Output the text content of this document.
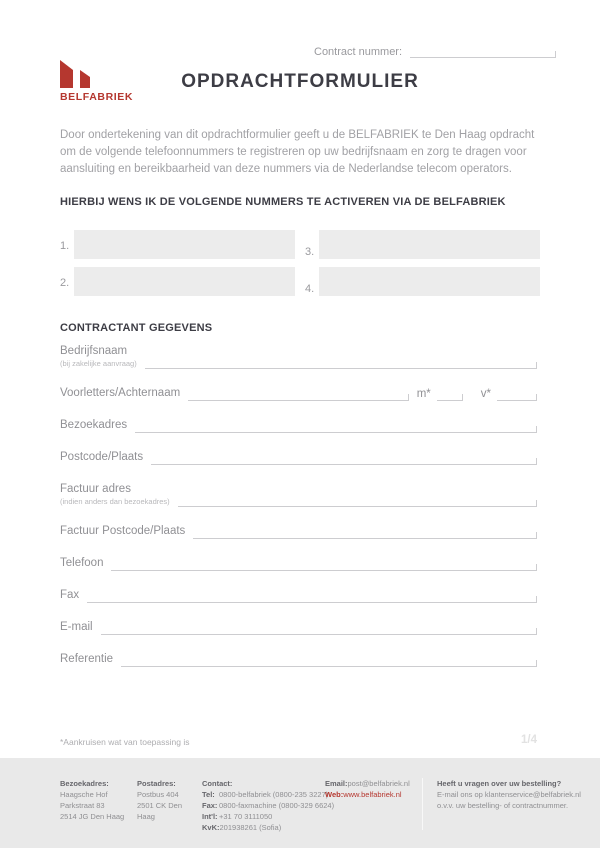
Contract nummer:
BELFABRIEK
OPDRACHTFORMULIER

Door ondertekening van dit opdrachtformulier geeft u de BELFABRIEK te Den Haag opdracht om de volgende telefoonnummers te registreren op uw bedrijfsnaam en zorg te dragen voor aansluiting en bereikbaarheid van deze nummers via de Nederlandse telecom operators.

HIERBIJ WENS IK DE VOLGENDE NUMMERS TE ACTIVEREN VIA DE BELFABRIEK
1.	3.
2.	4.
CONTRACTANT GEGEVENS
Bedrijfsnaam
(bij zakelijke aanvraag)
Voorletters/Achternaam	m*	v*
Bezoekadres
Postcode/Plaats
Factuur adres
(indien anders dan bezoekadres)
Factuur Postcode/Plaats
Telefoon
Fax
E-mail
Referentie
*Aankruisen wat van toepassing is	1/4
Bezoekadres:
Haagsche Hof
Parkstraat 83
2514 JG Den Haag
Postadres:
Postbus 404
2501 CK Den Haag
Contact:
Tel: 0800-belfabriek (0800-235 3227)
Fax: 0800-faxmachine (0800-329 6624)
Int'l:+31 70 3111050
KvK:201938261 (Sofia)
Email:post@belfabriek.nl
Web:www.belfabriek.nl
Heeft u vragen over uw bestelling?
E-mail ons op klantenservice@belfabriek.nl
o.v.v. uw bestelling- of contractnummer.
